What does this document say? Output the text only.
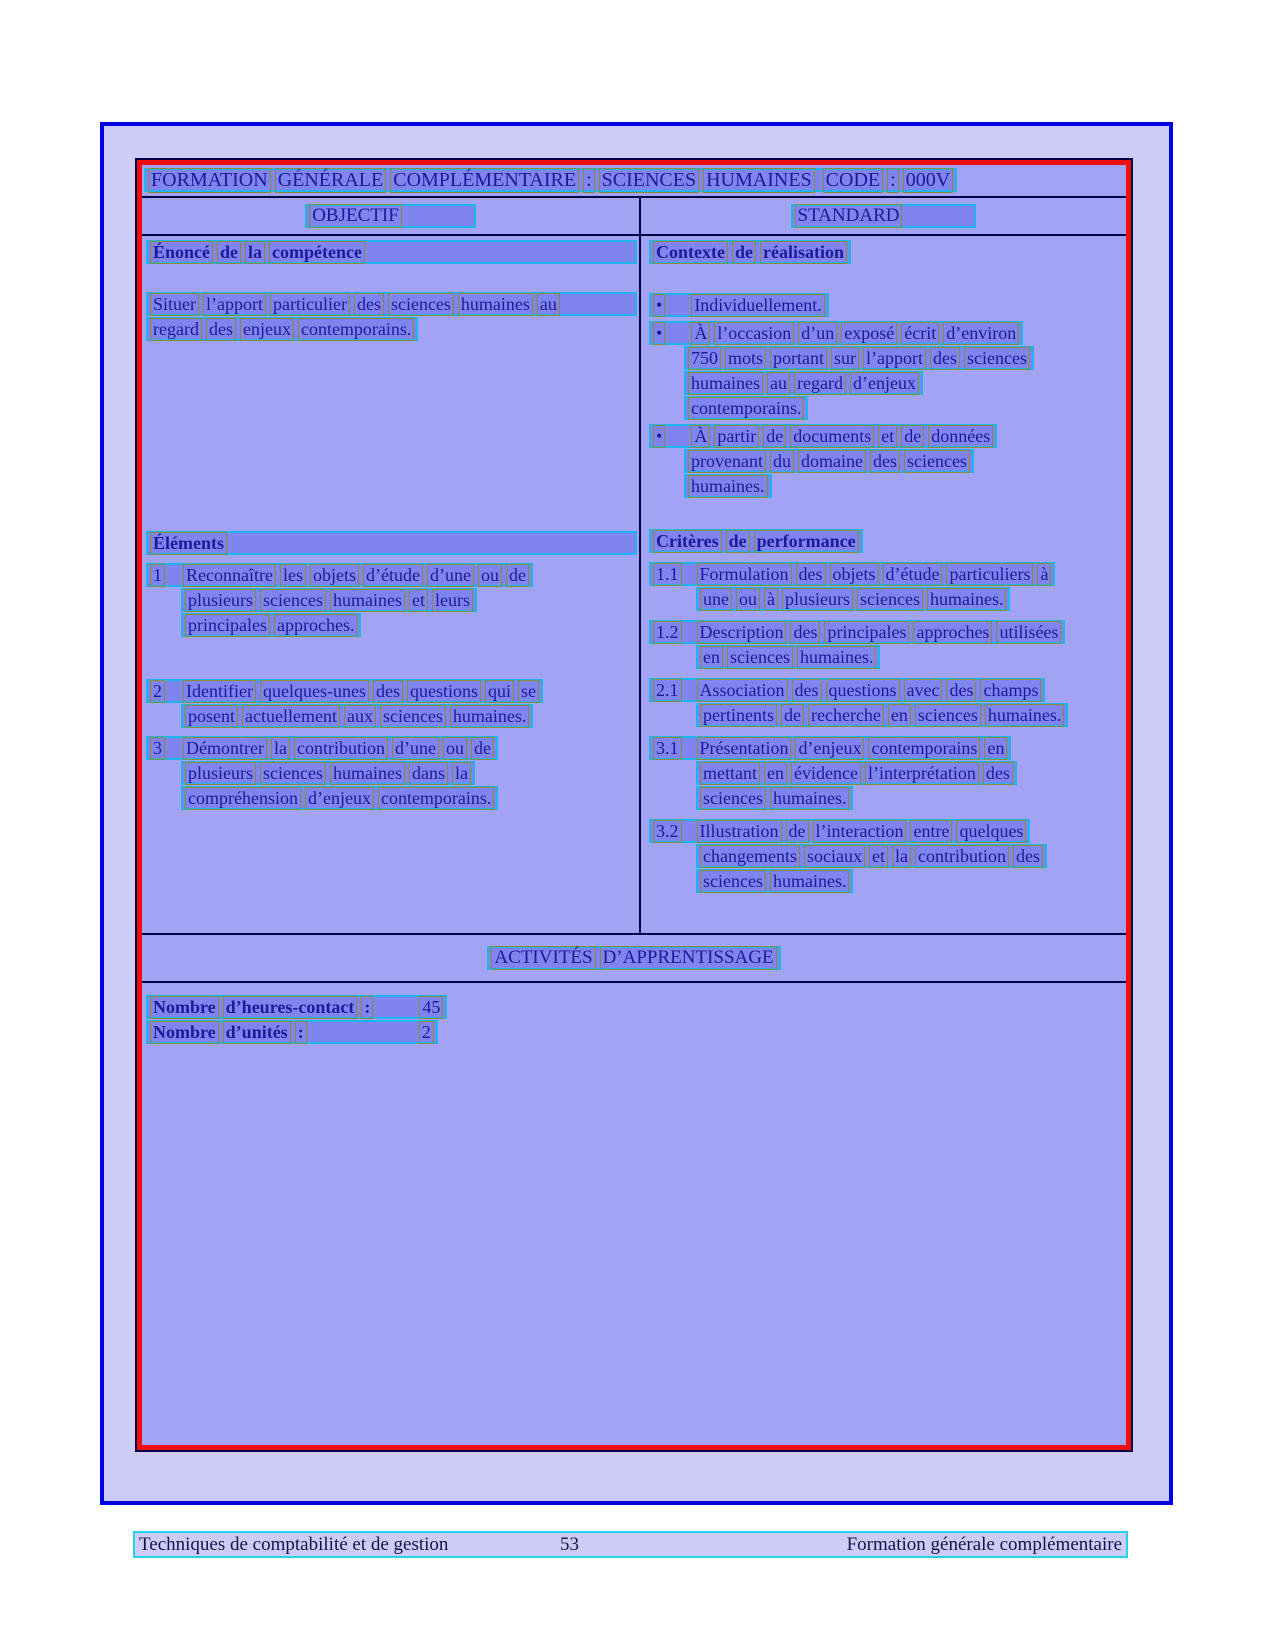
FORMATION GÉNÉRALE COMPLÉMENTAIRE : SCIENCES HUMAINES CODE : 000V
OBJECTIF	STANDARD
Énoncé de la compétence
Situer l’apport particulier des sciences humaines au
regard des enjeux contemporains.
Éléments
1 Reconnaître les objets d’étude d’une ou de
plusieurs sciences humaines et leurs
principales approches.
2 Identifier quelques-unes des questions qui se
posent actuellement aux sciences humaines.
3 Démontrer la contribution d’une ou de
plusieurs sciences humaines dans la
compréhension d’enjeux contemporains.
Contexte de réalisation
• Individuellement.
• À l’occasion d’un exposé écrit d’environ
750 mots portant sur l’apport des sciences
humaines au regard d’enjeux
contemporains.
• À partir de documents et de données
provenant du domaine des sciences
humaines.
Critères de performance
1.1 Formulation des objets d’étude particuliers à
une ou à plusieurs sciences humaines.
1.2 Description des principales approches utilisées
en sciences humaines.
2.1 Association des questions avec des champs
pertinents de recherche en sciences humaines.
3.1 Présentation d’enjeux contemporains en
mettant en évidence l’interprétation des
sciences humaines.
3.2 Illustration de l’interaction entre quelques
changements sociaux et la contribution des
sciences humaines.
ACTIVITÉS D’APPRENTISSAGE
Nombre d’heures-contact :	45
Nombre d’unités :	2
Techniques de comptabilité et de gestion	53	Formation générale complémentaire
